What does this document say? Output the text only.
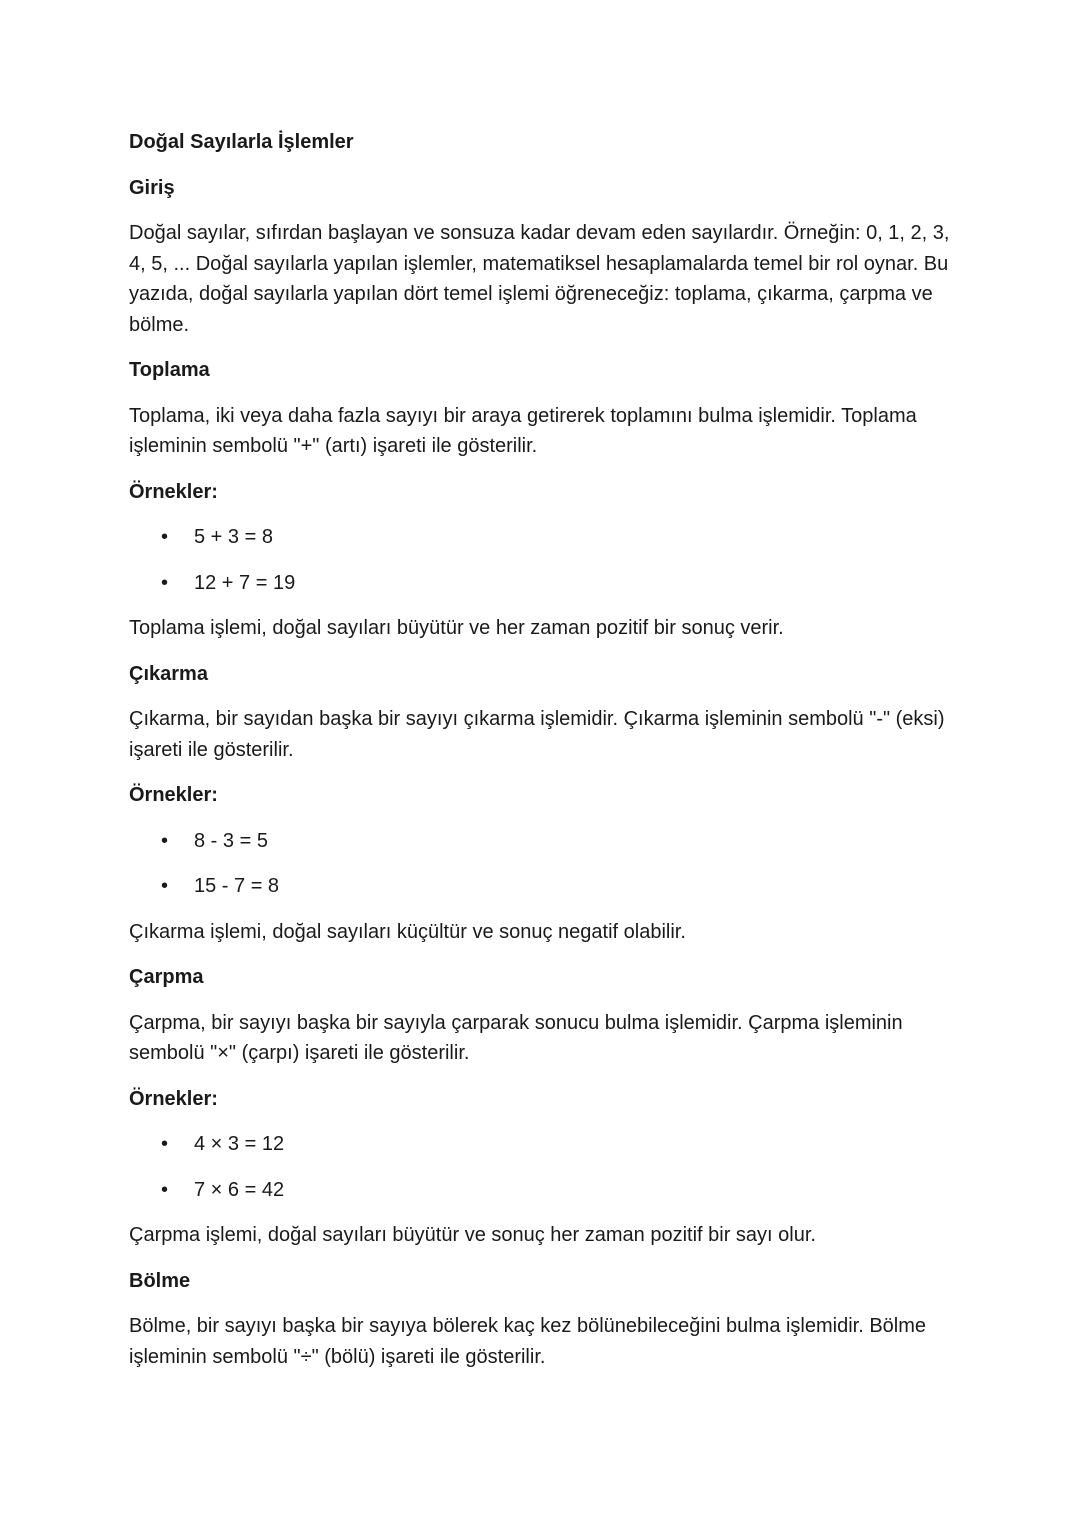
Doğal Sayılarla İşlemler
Giriş
Doğal sayılar, sıfırdan başlayan ve sonsuza kadar devam eden sayılardır. Örneğin: 0, 1, 2, 3, 4, 5, ... Doğal sayılarla yapılan işlemler, matematiksel hesaplamalarda temel bir rol oynar. Bu yazıda, doğal sayılarla yapılan dört temel işlemi öğreneceğiz: toplama, çıkarma, çarpma ve bölme.
Toplama
Toplama, iki veya daha fazla sayıyı bir araya getirerek toplamını bulma işlemidir. Toplama işleminin sembolü "+" (artı) işareti ile gösterilir.
Örnekler:
• 5 + 3 = 8
• 12 + 7 = 19
Toplama işlemi, doğal sayıları büyütür ve her zaman pozitif bir sonuç verir.
Çıkarma
Çıkarma, bir sayıdan başka bir sayıyı çıkarma işlemidir. Çıkarma işleminin sembolü "-" (eksi) işareti ile gösterilir.
Örnekler:
• 8 - 3 = 5
• 15 - 7 = 8
Çıkarma işlemi, doğal sayıları küçültür ve sonuç negatif olabilir.
Çarpma
Çarpma, bir sayıyı başka bir sayıyla çarparak sonucu bulma işlemidir. Çarpma işleminin sembolü "×" (çarpı) işareti ile gösterilir.
Örnekler:
• 4 × 3 = 12
• 7 × 6 = 42
Çarpma işlemi, doğal sayıları büyütür ve sonuç her zaman pozitif bir sayı olur.
Bölme
Bölme, bir sayıyı başka bir sayıya bölerek kaç kez bölünebileceğini bulma işlemidir. Bölme işleminin sembolü "÷" (bölü) işareti ile gösterilir.
